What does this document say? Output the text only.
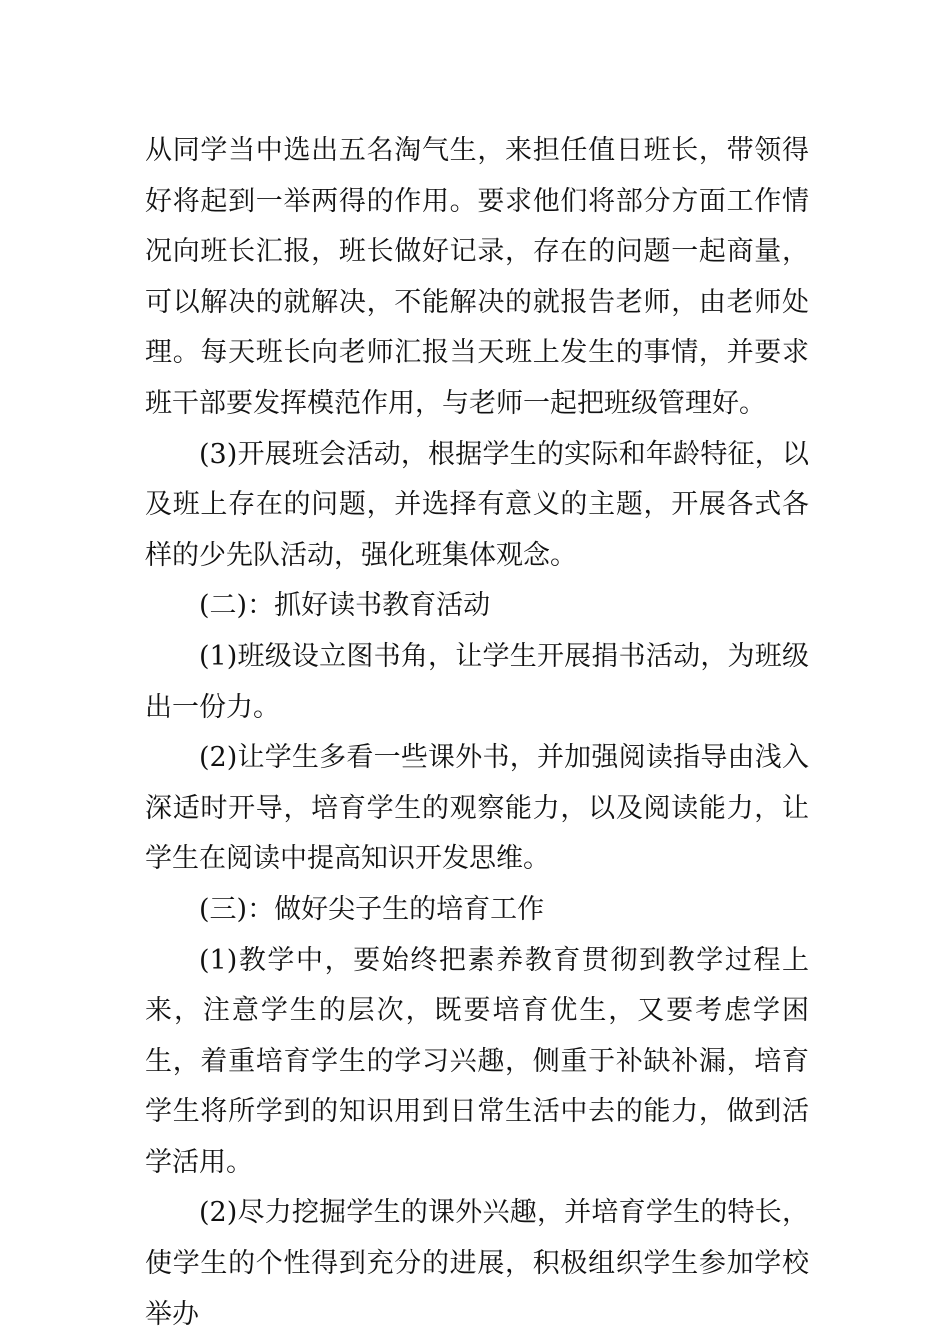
从同学当中选出五名淘气生，来担任值日班长，带领得好将起到一举两得的作用。要求他们将部分方面工作情况向班长汇报，班长做好记录，存在的问题一起商量，可以解决的就解决，不能解决的就报告老师，由老师处理。每天班长向老师汇报当天班上发生的事情，并要求班干部要发挥模范作用，与老师一起把班级管理好。

(3)开展班会活动，根据学生的实际和年龄特征，以及班上存在的问题，并选择有意义的主题，开展各式各样的少先队活动，强化班集体观念。

(二)：抓好读书教育活动

(1)班级设立图书角，让学生开展捐书活动，为班级出一份力。

(2)让学生多看一些课外书，并加强阅读指导由浅入深适时开导，培育学生的观察能力，以及阅读能力，让学生在阅读中提高知识开发思维。

(三)：做好尖子生的培育工作

(1)教学中，要始终把素养教育贯彻到教学过程上来，注意学生的层次，既要培育优生，又要考虑学困生，着重培育学生的学习兴趣，侧重于补缺补漏，培育学生将所学到的知识用到日常生活中去的能力，做到活学活用。

(2)尽力挖掘学生的课外兴趣，并培育学生的特长，使学生的个性得到充分的进展，积极组织学生参加学校举办
